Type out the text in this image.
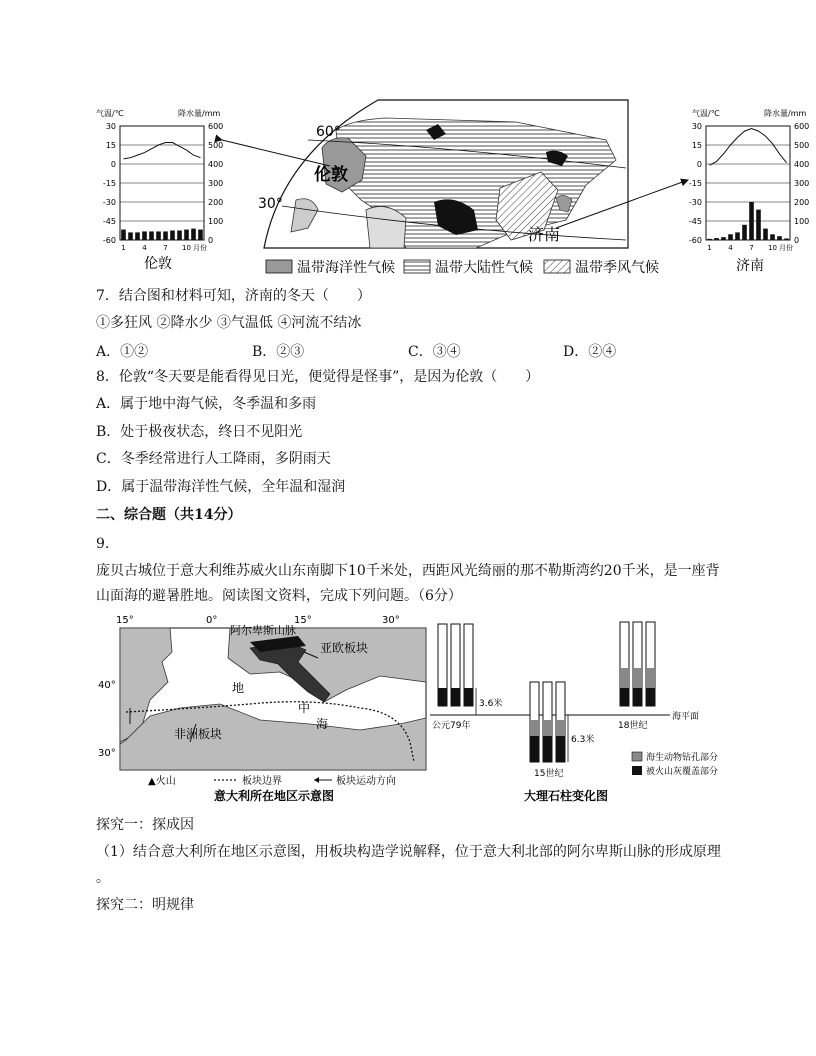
气温/℃	降水量/mm
30
15
0
-15
-30
-45
-60
600
500
400
300
200
100
0
1 4 7 10 月份
伦敦
60°
30°
伦敦
济南
温带海洋性气候	温带大陆性气候	温带季风气候
气温/℃	降水量/mm
30
15
0
-15
-30
-45
-60
600
500
400
300
200
100
0
1 4 7 10 月份
济南
7．结合图和材料可知，济南的冬天（　　）
①多狂风 ②降水少 ③气温低 ④河流不结冰
A．①②	B．②③	C．③④	D．②④
8．伦敦“冬天要是能看得见日光，便觉得是怪事”，是因为伦敦（　　）
A．属于地中海气候，冬季温和多雨
B．处于极夜状态，终日不见阳光
C．冬季经常进行人工降雨，多阴雨天
D．属于温带海洋性气候，全年温和湿润
二、综合题（共14分）
9.
庞贝古城位于意大利维苏威火山东南脚下10千米处，西距风光绮丽的那不勒斯湾约20千米，是一座背
山面海的避暑胜地。阅读图文资料，完成下列问题。（6分）
15°	0°	15°	30°
40°
30°
阿尔卑斯山脉
亚欧板块
非洲板块
地
中
海
维苏威火山
▲火山	板块边界	板块运动方向
意大利所在地区示意图
海平面
3.6米
公元79年
6.3米
15世纪
18世纪
海生动物钻孔部分
被火山灰覆盖部分
大理石柱变化图
探究一：探成因
（1）结合意大利所在地区示意图，用板块构造学说解释，位于意大利北部的阿尔卑斯山脉的形成原理
。
探究二：明规律
